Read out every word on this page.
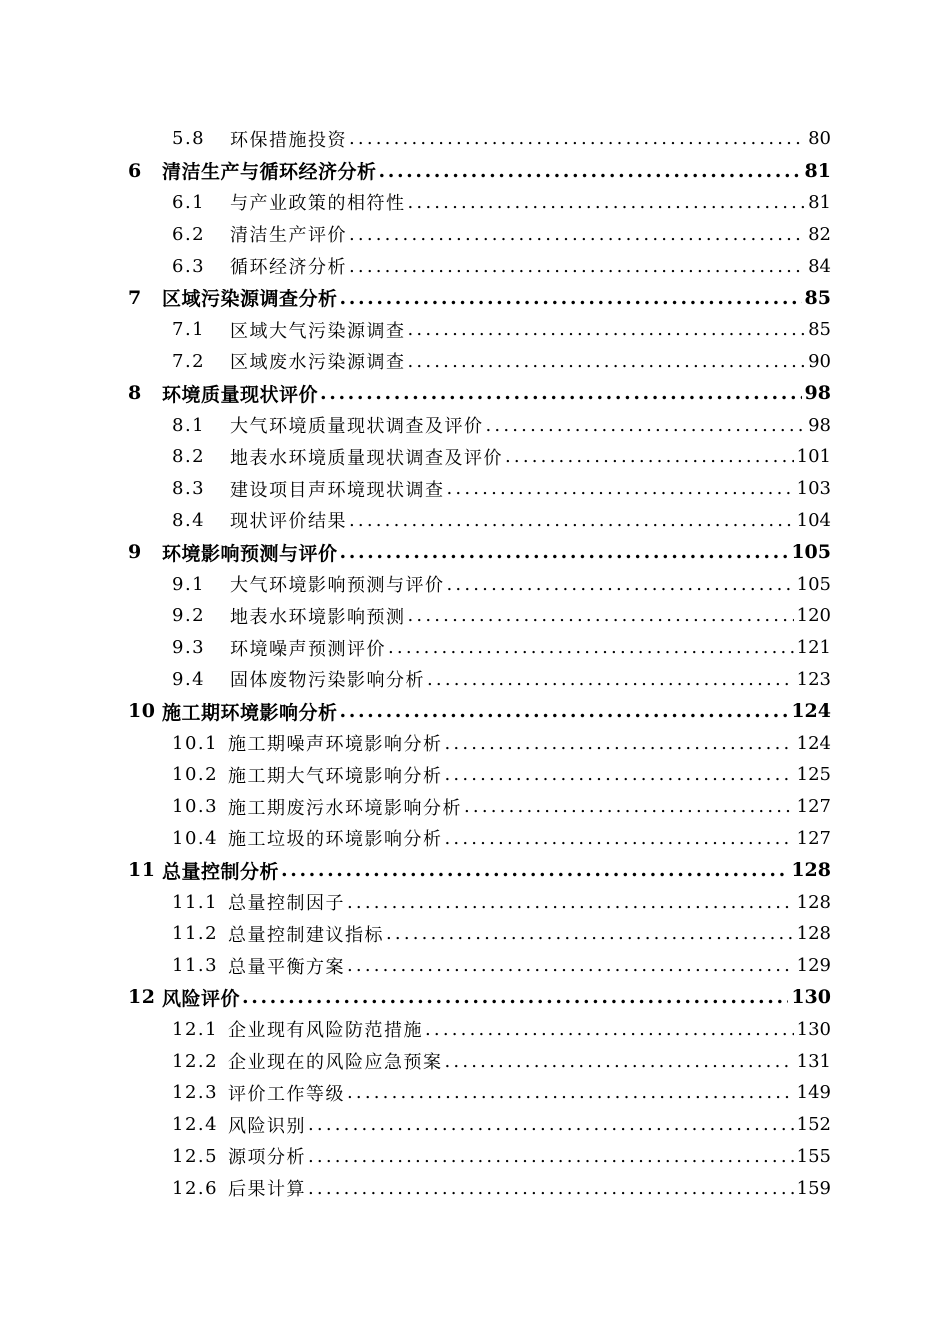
5.8	环保措施投资 .....	80
6	清洁生产与循环经济分析 .....	81
6.1	与产业政策的相符性 .....	81
6.2	清洁生产评价 .....	82
6.3	循环经济分析 .....	84
7	区域污染源调查分析 .....	85
7.1	区域大气污染源调查 .....	85
7.2	区域废水污染源调查 .....	90
8	环境质量现状评价 .....	98
8.1	大气环境质量现状调查及评价 .....	98
8.2	地表水环境质量现状调查及评价 .....	101
8.3	建设项目声环境现状调查 .....	103
8.4	现状评价结果 .....	104
9	环境影响预测与评价 .....	105
9.1	大气环境影响预测与评价 .....	105
9.2	地表水环境影响预测 .....	120
9.3	环境噪声预测评价 .....	121
9.4	固体废物污染影响分析 .....	123
10 施工期环境影响分析 .....	124
10.1 施工期噪声环境影响分析 .....	124
10.2 施工期大气环境影响分析 .....	125
10.3 施工期废污水环境影响分析 .....	127
10.4 施工垃圾的环境影响分析 .....	127
11 总量控制分析 .....	128
11.1 总量控制因子 .....	128
11.2 总量控制建议指标 .....	128
11.3 总量平衡方案 .....	129
12 风险评价 .....	130
12.1 企业现有风险防范措施 .....	130
12.2 企业现在的风险应急预案 .....	131
12.3 评价工作等级 .....	149
12.4 风险识别 .....	152
12.5 源项分析 .....	155
12.6 后果计算 .....	159
